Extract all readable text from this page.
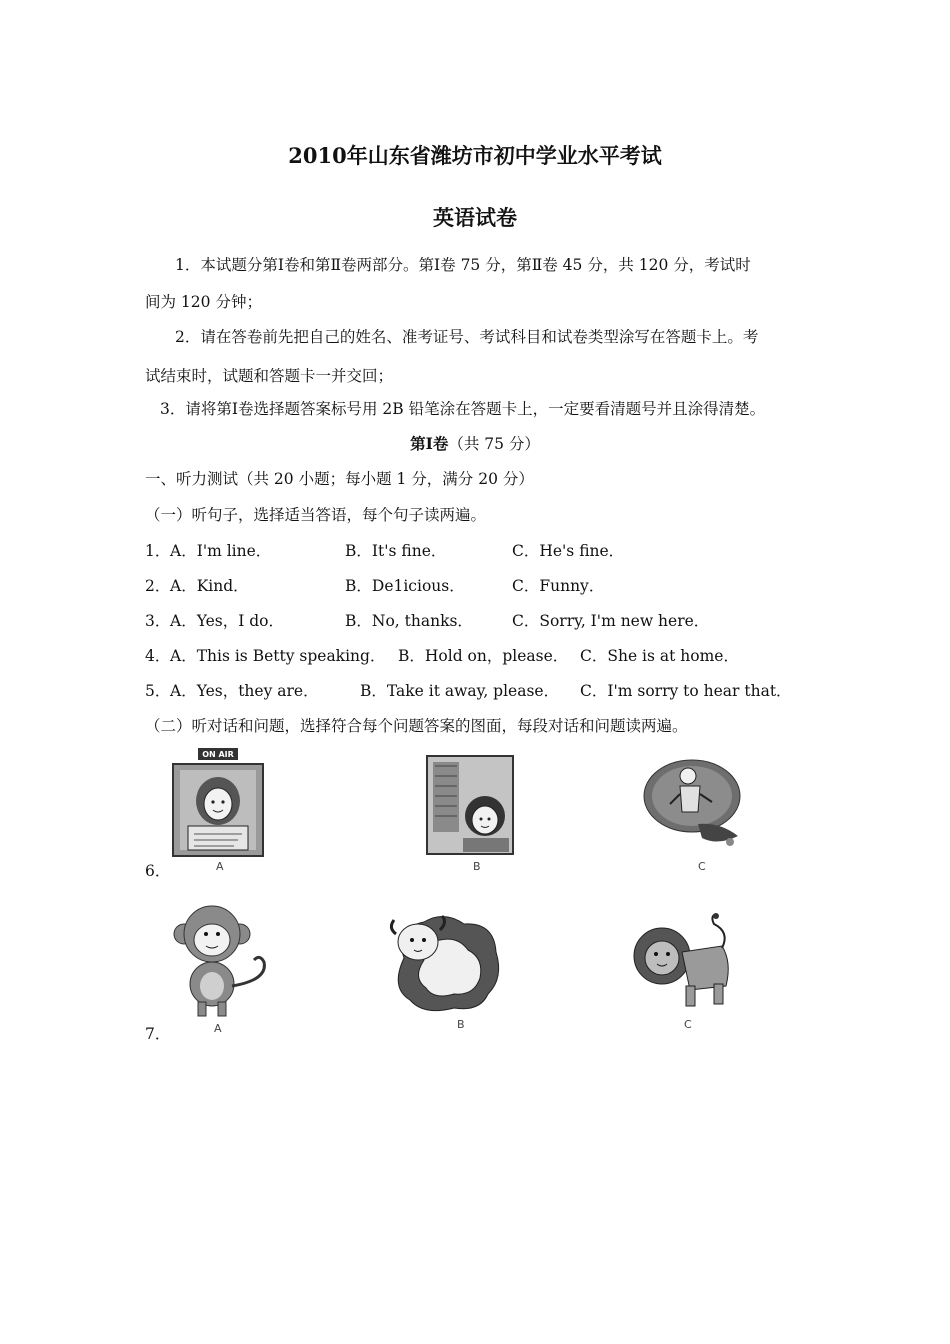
2010年山东省潍坊市初中学业水平考试
英语试卷
1．本试题分第Ⅰ卷和第Ⅱ卷两部分。第Ⅰ卷 75 分，第Ⅱ卷 45 分，共 120 分，考试时
间为 120 分钟；
2．请在答卷前先把自己的姓名、准考证号、考试科目和试卷类型涂写在答题卡上。考
试结束时，试题和答题卡一并交回；
3．请将第Ⅰ卷选择题答案标号用 2B 铅笔涂在答题卡上，一定要看清题号并且涂得清楚。
第Ⅰ卷（共 75 分）
一、听力测试（共 20 小题；每小题 1 分，满分 20 分）
（一）听句子，选择适当答语，每个句子读两遍。
1． A．I'm line．	B．It's fine．	C．He's fine．
2． A．Kind．	B．De1icious．	C．Funny．
3． A．Yes，I do．	B．No, thanks．	C．Sorry, I'm new here．
4． A．This is Betty speaking． B．Hold on，please． C．She is at home．
5． A．Yes，they are．	B．Take it away, please． C．I'm sorry to hear that．
（二）听对话和问题，选择符合每个问题答案的图面，每段对话和问题读两遍。
6．
ON AIR
A	B	C
7．	A	B	C
